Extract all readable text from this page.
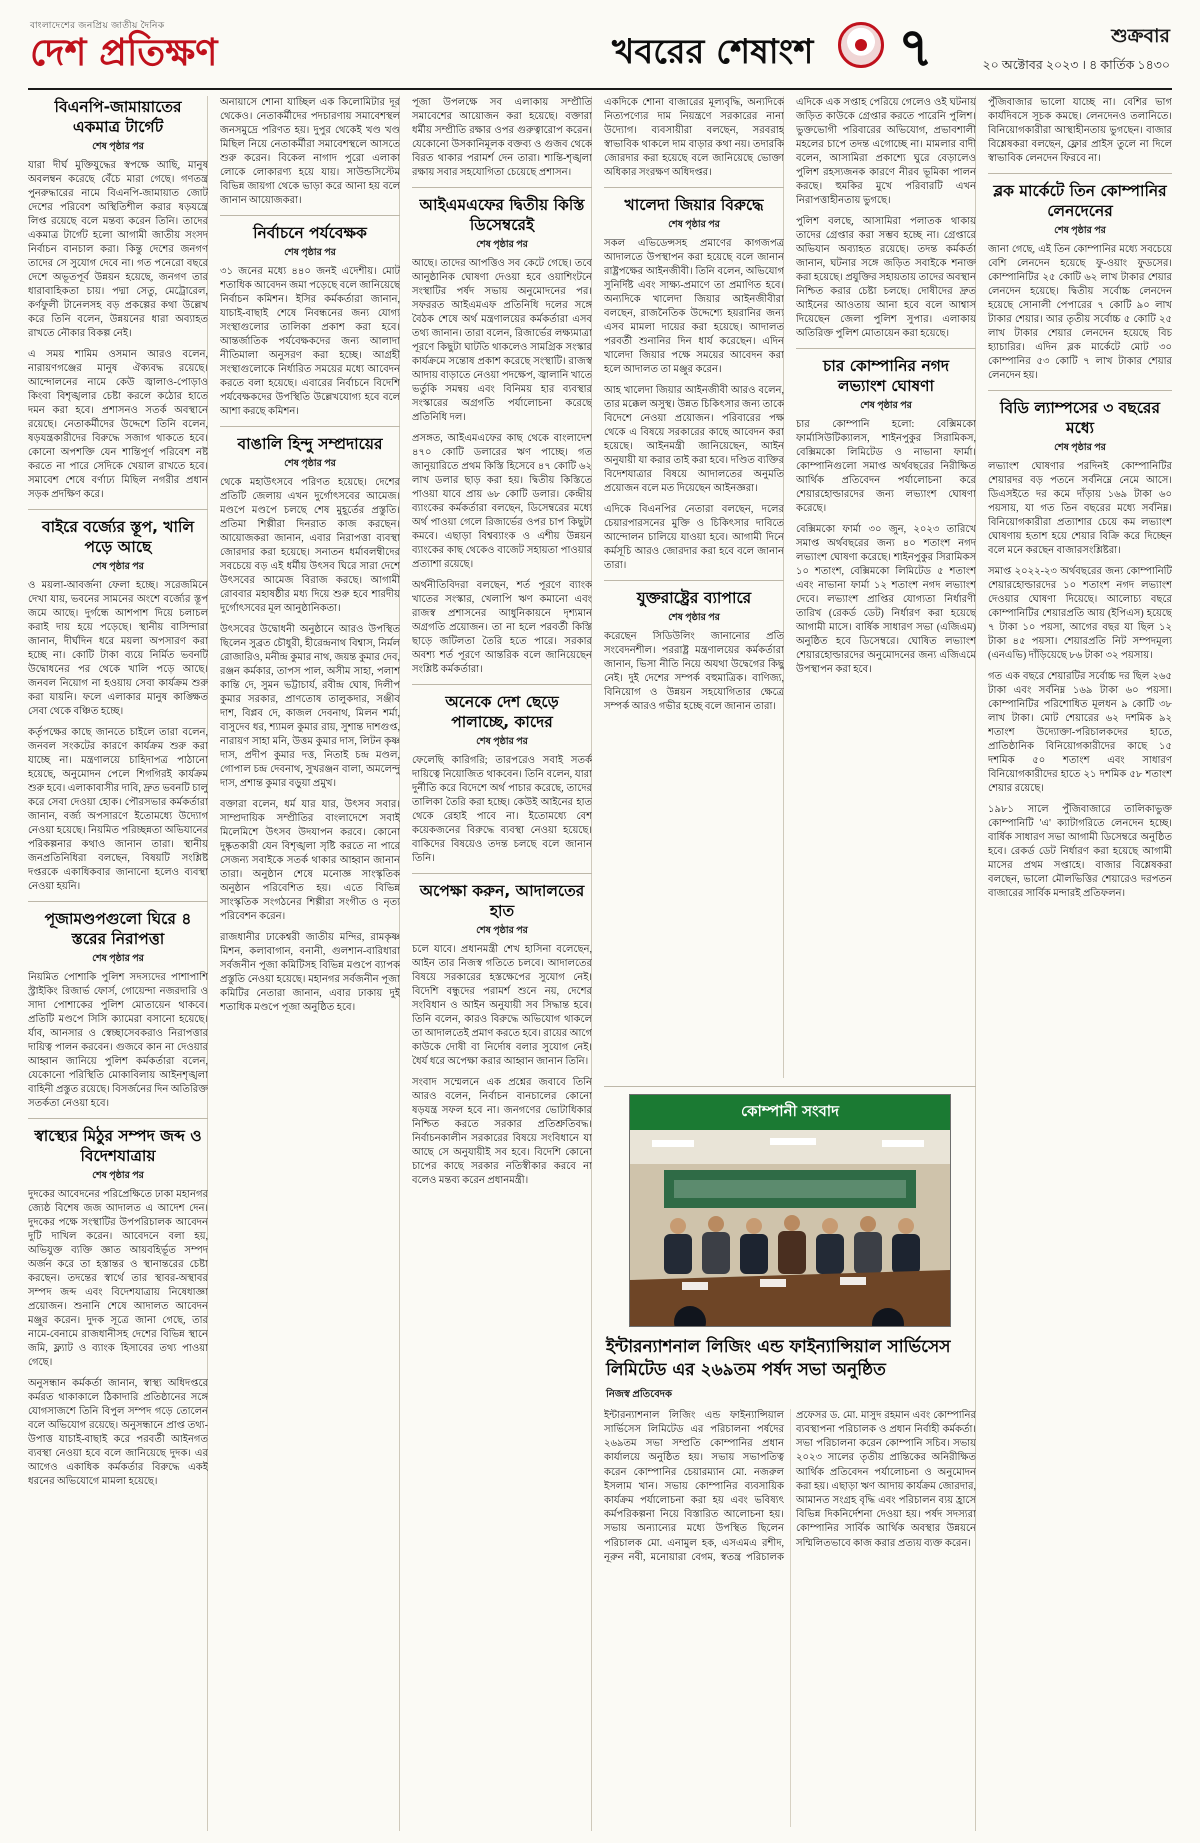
বাংলাদেশের জনপ্রিয় জাতীয় দৈনিক
দেশ প্রতিক্ষণ	খবরের শেষাংশ ৭	শুক্রবার
২০ অক্টোবর ২০২৩ । ৪ কার্তিক ১৪৩০
বিএনপি-জামায়াতের একমাত্র টার্গেট
শেষ পৃষ্ঠার পর

যারা দীর্ঘ মুক্তিযুদ্ধের স্বপক্ষে আছি, মানুষ অবলম্বন করেছে বেঁচে মারা গেছে। গণতন্ত্র পুনরুদ্ধারের নামে বিএনপি-জামায়াত জোট দেশের পরিবেশ অস্থিতিশীল করার ষড়যন্ত্রে লিপ্ত রয়েছে বলে মন্তব্য করেন তিনি। তাদের একমাত্র টার্গেট হলো আগামী জাতীয় সংসদ নির্বাচন বানচাল করা। কিন্তু দেশের জনগণ তাদের সে সুযোগ দেবে না। গত পনেরো বছরে দেশে অভূতপূর্ব উন্নয়ন হয়েছে, জনগণ তার ধারাবাহিকতা চায়। পদ্মা সেতু, মেট্রোরেল, কর্ণফুলী টানেলসহ বড় প্রকল্পের কথা উল্লেখ করে তিনি বলেন, উন্নয়নের ধারা অব্যাহত রাখতে নৌকার বিকল্প নেই।

এ সময় শামিম ওসমান আরও বলেন, নারায়ণগঞ্জের মানুষ ঐক্যবদ্ধ রয়েছে। আন্দোলনের নামে কেউ জ্বালাও-পোড়াও কিংবা বিশৃঙ্খলার চেষ্টা করলে কঠোর হাতে দমন করা হবে। প্রশাসনও সতর্ক অবস্থানে রয়েছে। নেতাকর্মীদের উদ্দেশে তিনি বলেন, ষড়যন্ত্রকারীদের বিরুদ্ধে সজাগ থাকতে হবে। কোনো অপশক্তি যেন শান্তিপূর্ণ পরিবেশ নষ্ট করতে না পারে সেদিকে খেয়াল রাখতে হবে। সমাবেশ শেষে বর্ণাঢ্য মিছিল নগরীর প্রধান সড়ক প্রদক্ষিণ করে।

বাইরে বর্জ্যের স্তূপ, খালি পড়ে আছে
শেষ পৃষ্ঠার পর

ও ময়লা-আবর্জনা ফেলা হচ্ছে। সরেজমিনে দেখা যায়, ভবনের সামনের অংশে বর্জ্যের স্তূপ জমে আছে। দুর্গন্ধে আশপাশ দিয়ে চলাচল করাই দায় হয়ে পড়েছে। স্থানীয় বাসিন্দারা জানান, দীর্ঘদিন ধরে ময়লা অপসারণ করা হচ্ছে না। কোটি টাকা ব্যয়ে নির্মিত ভবনটি উদ্বোধনের পর থেকে খালি পড়ে আছে। জনবল নিয়োগ না হওয়ায় সেবা কার্যক্রম শুরু করা যায়নি। ফলে এলাকার মানুষ কাঙ্ক্ষিত সেবা থেকে বঞ্চিত হচ্ছে।

কর্তৃপক্ষের কাছে জানতে চাইলে তারা বলেন, জনবল সংকটের কারণে কার্যক্রম শুরু করা যাচ্ছে না। মন্ত্রণালয়ে চাহিদাপত্র পাঠানো হয়েছে, অনুমোদন পেলে শিগগিরই কার্যক্রম শুরু হবে। এলাকাবাসীর দাবি, দ্রুত ভবনটি চালু করে সেবা দেওয়া হোক। পৌরসভার কর্মকর্তারা জানান, বর্জ্য অপসারণে ইতোমধ্যে উদ্যোগ নেওয়া হয়েছে। নিয়মিত পরিচ্ছন্নতা অভিযানের পরিকল্পনার কথাও জানান তারা। স্থানীয় জনপ্রতিনিধিরা বলছেন, বিষয়টি সংশ্লিষ্ট দপ্তরকে একাধিকবার জানানো হলেও ব্যবস্থা নেওয়া হয়নি।

পূজামণ্ডপগুলো ঘিরে ৪ স্তরের নিরাপত্তা
শেষ পৃষ্ঠার পর

নিয়মিত পোশাকি পুলিশ সদস্যদের পাশাপাশি স্ট্রাইকিং রিজার্ভ ফোর্স, গোয়েন্দা নজরদারি ও সাদা পোশাকের পুলিশ মোতায়েন থাকবে। প্রতিটি মণ্ডপে সিসি ক্যামেরা বসানো হয়েছে। র্যাব, আনসার ও স্বেচ্ছাসেবকরাও নিরাপত্তার দায়িত্ব পালন করবেন। গুজবে কান না দেওয়ার আহ্বান জানিয়ে পুলিশ কর্মকর্তারা বলেন, যেকোনো পরিস্থিতি মোকাবিলায় আইনশৃঙ্খলা বাহিনী প্রস্তুত রয়েছে। বিসর্জনের দিন অতিরিক্ত সতর্কতা নেওয়া হবে।

স্বাস্থ্যের মিঠুর সম্পদ জব্দ ও বিদেশযাত্রায়
শেষ পৃষ্ঠার পর

দুদকের আবেদনের পরিপ্রেক্ষিতে ঢাকা মহানগর জ্যেষ্ঠ বিশেষ জজ আদালত এ আদেশ দেন। দুদকের পক্ষে সংস্থাটির উপপরিচালক আবেদন দুটি দাখিল করেন। আবেদনে বলা হয়, অভিযুক্ত ব্যক্তি জ্ঞাত আয়বহির্ভূত সম্পদ অর্জন করে তা হস্তান্তর ও স্থানান্তরের চেষ্টা করছেন। তদন্তের স্বার্থে তার স্থাবর-অস্থাবর সম্পদ জব্দ এবং বিদেশযাত্রায় নিষেধাজ্ঞা প্রয়োজন। শুনানি শেষে আদালত আবেদন মঞ্জুর করেন। দুদক সূত্রে জানা গেছে, তার নামে-বেনামে রাজধানীসহ দেশের বিভিন্ন স্থানে জমি, ফ্ল্যাট ও ব্যাংক হিসাবের তথ্য পাওয়া গেছে।

অনুসন্ধান কর্মকর্তা জানান, স্বাস্থ্য অধিদপ্তরে কর্মরত থাকাকালে ঠিকাদারি প্রতিষ্ঠানের সঙ্গে যোগসাজশে তিনি বিপুল সম্পদ গড়ে তোলেন বলে অভিযোগ রয়েছে। অনুসন্ধানে প্রাপ্ত তথ্য-উপাত্ত যাচাই-বাছাই করে পরবর্তী আইনগত ব্যবস্থা নেওয়া হবে বলে জানিয়েছে দুদক। এর আগেও একাধিক কর্মকর্তার বিরুদ্ধে একই ধরনের অভিযোগে মামলা হয়েছে।

অনায়াসে শোনা যাচ্ছিল এক কিলোমিটার দূর থেকেও। নেতাকর্মীদের পদচারণায় সমাবেশস্থল জনসমুদ্রে পরিণত হয়। দুপুর থেকেই খণ্ড খণ্ড মিছিল নিয়ে নেতাকর্মীরা সমাবেশস্থলে আসতে শুরু করেন। বিকেল নাগাদ পুরো এলাকা লোকে লোকারণ্য হয়ে যায়। সাউন্ডসিস্টেম বিভিন্ন জায়গা থেকে ভাড়া করে আনা হয় বলে জানান আয়োজকরা।

নির্বাচনে পর্যবেক্ষক
শেষ পৃষ্ঠার পর

৩১ জনের মধ্যে ৪৪০ জনই এদেশীয়। মোট শতাধিক আবেদন জমা পড়েছে বলে জানিয়েছে নির্বাচন কমিশন। ইসির কর্মকর্তারা জানান, যাচাই-বাছাই শেষে নিবন্ধনের জন্য যোগ্য সংস্থাগুলোর তালিকা প্রকাশ করা হবে। আন্তর্জাতিক পর্যবেক্ষকদের জন্য আলাদা নীতিমালা অনুসরণ করা হচ্ছে। আগ্রহী সংস্থাগুলোকে নির্ধারিত সময়ের মধ্যে আবেদন করতে বলা হয়েছে। এবারের নির্বাচনে বিদেশি পর্যবেক্ষকদের উপস্থিতি উল্লেখযোগ্য হবে বলে আশা করছে কমিশন।

বাঙালি হিন্দু সম্প্রদায়ের
শেষ পৃষ্ঠার পর

থেকে মহাউৎসবে পরিণত হয়েছে। দেশের প্রতিটি জেলায় এখন দুর্গোৎসবের আমেজ। মণ্ডপে মণ্ডপে চলছে শেষ মুহূর্তের প্রস্তুতি। প্রতিমা শিল্পীরা দিনরাত কাজ করছেন। আয়োজকরা জানান, এবার নিরাপত্তা ব্যবস্থা জোরদার করা হয়েছে। সনাতন ধর্মাবলম্বীদের সবচেয়ে বড় এই ধর্মীয় উৎসব ঘিরে সারা দেশে উৎসবের আমেজ বিরাজ করছে। আগামী রোববার মহাষষ্ঠীর মধ্য দিয়ে শুরু হবে শারদীয় দুর্গোৎসবের মূল আনুষ্ঠানিকতা।

উৎসবের উদ্বোধনী অনুষ্ঠানে আরও উপস্থিত ছিলেন সুব্রত চৌধুরী, হীরেন্দ্রনাথ বিশ্বাস, নির্মল রোজারিও, মনীন্দ্র কুমার নাথ, জয়ন্ত কুমার দেব, রঞ্জন কর্মকার, তাপস পাল, অসীম সাহা, পলাশ কান্তি দে, সুমন ভট্টাচার্য, রবীন্দ্র ঘোষ, দিলীপ কুমার সরকার, প্রাণতোষ তালুকদার, সঞ্জীব দাশ, বিপ্লব দে, কাজল দেবনাথ, মিলন শর্মা, বাসুদেব ধর, শ্যামল কুমার রায়, সুশান্ত দাশগুপ্ত, নারায়ণ সাহা মনি, উত্তম কুমার দাস, লিটন কৃষ্ণ দাস, প্রদীপ কুমার দত্ত, নিতাই চন্দ্র মণ্ডল, গোপাল চন্দ্র দেবনাথ, সুখরঞ্জন বালা, অমলেন্দু দাস, প্রশান্ত কুমার বড়ুয়া প্রমুখ।

বক্তারা বলেন, ধর্ম যার যার, উৎসব সবার। সাম্প্রদায়িক সম্প্রীতির বাংলাদেশে সবাই মিলেমিশে উৎসব উদযাপন করবে। কোনো দুষ্কৃতকারী যেন বিশৃঙ্খলা সৃষ্টি করতে না পারে সেজন্য সবাইকে সতর্ক থাকার আহ্বান জানান তারা। অনুষ্ঠান শেষে মনোজ্ঞ সাংস্কৃতিক অনুষ্ঠান পরিবেশিত হয়। এতে বিভিন্ন সাংস্কৃতিক সংগঠনের শিল্পীরা সংগীত ও নৃত্য পরিবেশন করেন।

রাজধানীর ঢাকেশ্বরী জাতীয় মন্দির, রামকৃষ্ণ মিশন, কলাবাগান, বনানী, গুলশান-বারিধারা সর্বজনীন পূজা কমিটিসহ বিভিন্ন মণ্ডপে ব্যাপক প্রস্তুতি নেওয়া হয়েছে। মহানগর সর্বজনীন পূজা কমিটির নেতারা জানান, এবার ঢাকায় দুই শতাধিক মণ্ডপে পূজা অনুষ্ঠিত হবে।

পূজা উপলক্ষে সব এলাকায় সম্প্রীতি সমাবেশের আয়োজন করা হয়েছে। বক্তারা ধর্মীয় সম্প্রীতি রক্ষার ওপর গুরুত্বারোপ করেন। যেকোনো উসকানিমূলক বক্তব্য ও গুজব থেকে বিরত থাকার পরামর্শ দেন তারা। শান্তি-শৃঙ্খলা রক্ষায় সবার সহযোগিতা চেয়েছে প্রশাসন।

আইএমএফের দ্বিতীয় কিস্তি ডিসেম্বরেই
শেষ পৃষ্ঠার পর

আছে। তাদের আপত্তিও সব কেটে গেছে। তবে আনুষ্ঠানিক ঘোষণা দেওয়া হবে ওয়াশিংটনে সংস্থাটির পর্ষদ সভায় অনুমোদনের পর। সফররত আইএমএফ প্রতিনিধি দলের সঙ্গে বৈঠক শেষে অর্থ মন্ত্রণালয়ের কর্মকর্তারা এসব তথ্য জানান। তারা বলেন, রিজার্ভের লক্ষ্যমাত্রা পূরণে কিছুটা ঘাটতি থাকলেও সামগ্রিক সংস্কার কার্যক্রমে সন্তোষ প্রকাশ করেছে সংস্থাটি। রাজস্ব আদায় বাড়াতে নেওয়া পদক্ষেপ, জ্বালানি খাতে ভর্তুকি সমন্বয় এবং বিনিময় হার ব্যবস্থার সংস্কারের অগ্রগতি পর্যালোচনা করেছে প্রতিনিধি দল।

প্রসঙ্গত, আইএমএফের কাছ থেকে বাংলাদেশ ৪৭০ কোটি ডলারের ঋণ পাচ্ছে। গত জানুয়ারিতে প্রথম কিস্তি হিসেবে ৪৭ কোটি ৬২ লাখ ডলার ছাড় করা হয়। দ্বিতীয় কিস্তিতে পাওয়া যাবে প্রায় ৬৮ কোটি ডলার। কেন্দ্রীয় ব্যাংকের কর্মকর্তারা বলছেন, ডিসেম্বরের মধ্যে অর্থ পাওয়া গেলে রিজার্ভের ওপর চাপ কিছুটা কমবে। এছাড়া বিশ্বব্যাংক ও এশীয় উন্নয়ন ব্যাংকের কাছ থেকেও বাজেট সহায়তা পাওয়ার প্রত্যাশা রয়েছে।

অর্থনীতিবিদরা বলছেন, শর্ত পূরণে ব্যাংক খাতের সংস্কার, খেলাপি ঋণ কমানো এবং রাজস্ব প্রশাসনের আধুনিকায়নে দৃশ্যমান অগ্রগতি প্রয়োজন। তা না হলে পরবর্তী কিস্তি ছাড়ে জটিলতা তৈরি হতে পারে। সরকার অবশ্য শর্ত পূরণে আন্তরিক বলে জানিয়েছেন সংশ্লিষ্ট কর্মকর্তারা।

অনেকে দেশ ছেড়ে পালাচ্ছে, কাদের
শেষ পৃষ্ঠার পর

ফেলেছি কারিগরি; তারপরেও সবাই সতর্ক দায়িত্বে নিয়োজিত থাকবেন। তিনি বলেন, যারা দুর্নীতি করে বিদেশে অর্থ পাচার করেছে, তাদের তালিকা তৈরি করা হচ্ছে। কেউই আইনের হাত থেকে রেহাই পাবে না। ইতোমধ্যে বেশ কয়েকজনের বিরুদ্ধে ব্যবস্থা নেওয়া হয়েছে। বাকিদের বিষয়েও তদন্ত চলছে বলে জানান তিনি।

অপেক্ষা করুন, আদালতের হাত
শেষ পৃষ্ঠার পর

চলে যাবে। প্রধানমন্ত্রী শেখ হাসিনা বলেছেন, আইন তার নিজস্ব গতিতে চলবে। আদালতের বিষয়ে সরকারের হস্তক্ষেপের সুযোগ নেই। বিদেশি বন্ধুদের পরামর্শ শুনে নয়, দেশের সংবিধান ও আইন অনুযায়ী সব সিদ্ধান্ত হবে। তিনি বলেন, কারও বিরুদ্ধে অভিযোগ থাকলে তা আদালতেই প্রমাণ করতে হবে। রায়ের আগে কাউকে দোষী বা নির্দোষ বলার সুযোগ নেই। ধৈর্য ধরে অপেক্ষা করার আহ্বান জানান তিনি।

সংবাদ সম্মেলনে এক প্রশ্নের জবাবে তিনি আরও বলেন, নির্বাচন বানচালের কোনো ষড়যন্ত্র সফল হবে না। জনগণের ভোটাধিকার নিশ্চিত করতে সরকার প্রতিশ্রুতিবদ্ধ। নির্বাচনকালীন সরকারের বিষয়ে সংবিধানে যা আছে সে অনুযায়ীই সব হবে। বিদেশি কোনো চাপের কাছে সরকার নতিস্বীকার করবে না বলেও মন্তব্য করেন প্রধানমন্ত্রী।

একদিকে শোনা বাজারের মূল্যবৃদ্ধি, অন্যদিকে নিত্যপণ্যের দাম নিয়ন্ত্রণে সরকারের নানা উদ্যোগ। ব্যবসায়ীরা বলছেন, সরবরাহ স্বাভাবিক থাকলে দাম বাড়ার কথা নয়। তদারকি জোরদার করা হয়েছে বলে জানিয়েছে ভোক্তা অধিকার সংরক্ষণ অধিদপ্তর।

খালেদা জিয়ার বিরুদ্ধে
শেষ পৃষ্ঠার পর

সকল এভিডেন্সসহ প্রমাণের কাগজপত্র আদালতে উপস্থাপন করা হয়েছে বলে জানান রাষ্ট্রপক্ষের আইনজীবী। তিনি বলেন, অভিযোগ সুনির্দিষ্ট এবং সাক্ষ্য-প্রমাণে তা প্রমাণিত হবে। অন্যদিকে খালেদা জিয়ার আইনজীবীরা বলছেন, রাজনৈতিক উদ্দেশ্যে হয়রানির জন্য এসব মামলা দায়ের করা হয়েছে। আদালত পরবর্তী শুনানির দিন ধার্য করেছেন। এদিন খালেদা জিয়ার পক্ষে সময়ের আবেদন করা হলে আদালত তা মঞ্জুর করেন।

আহ খালেদা জিয়ার আইনজীবী আরও বলেন, তার মক্কেল অসুস্থ। উন্নত চিকিৎসার জন্য তাকে বিদেশে নেওয়া প্রয়োজন। পরিবারের পক্ষ থেকে এ বিষয়ে সরকারের কাছে আবেদন করা হয়েছে। আইনমন্ত্রী জানিয়েছেন, আইন অনুযায়ী যা করার তাই করা হবে। দণ্ডিত ব্যক্তির বিদেশযাত্রার বিষয়ে আদালতের অনুমতি প্রয়োজন বলে মত দিয়েছেন আইনজ্ঞরা।

এদিকে বিএনপির নেতারা বলছেন, দলের চেয়ারপারসনের মুক্তি ও চিকিৎসার দাবিতে আন্দোলন চালিয়ে যাওয়া হবে। আগামী দিনে কর্মসূচি আরও জোরদার করা হবে বলে জানান তারা।

যুক্তরাষ্ট্রের ব্যাপারে
শেষ পৃষ্ঠার পর

করেছেন সিডিউলিং জানানোর প্রতি সংবেদনশীল। পররাষ্ট্র মন্ত্রণালয়ের কর্মকর্তারা জানান, ভিসা নীতি নিয়ে অযথা উদ্বেগের কিছু নেই। দুই দেশের সম্পর্ক বহুমাত্রিক। বাণিজ্য, বিনিয়োগ ও উন্নয়ন সহযোগিতার ক্ষেত্রে সম্পর্ক আরও গভীর হচ্ছে বলে জানান তারা।

এদিকে এক সপ্তাহ পেরিয়ে গেলেও ওই ঘটনায় জড়িত কাউকে গ্রেপ্তার করতে পারেনি পুলিশ। ভুক্তভোগী পরিবারের অভিযোগ, প্রভাবশালী মহলের চাপে তদন্ত এগোচ্ছে না। মামলার বাদী বলেন, আসামিরা প্রকাশ্যে ঘুরে বেড়ালেও পুলিশ রহস্যজনক কারণে নীরব ভূমিকা পালন করছে। হুমকির মুখে পরিবারটি এখন নিরাপত্তাহীনতায় ভুগছে।

পুলিশ বলছে, আসামিরা পলাতক থাকায় তাদের গ্রেপ্তার করা সম্ভব হচ্ছে না। গ্রেপ্তারে অভিযান অব্যাহত রয়েছে। তদন্ত কর্মকর্তা জানান, ঘটনার সঙ্গে জড়িত সবাইকে শনাক্ত করা হয়েছে। প্রযুক্তির সহায়তায় তাদের অবস্থান নিশ্চিত করার চেষ্টা চলছে। দোষীদের দ্রুত আইনের আওতায় আনা হবে বলে আশ্বাস দিয়েছেন জেলা পুলিশ সুপার। এলাকায় অতিরিক্ত পুলিশ মোতায়েন করা হয়েছে।

চার কোম্পানির নগদ লভ্যাংশ ঘোষণা
শেষ পৃষ্ঠার পর

চার কোম্পানি হলো: বেক্সিমকো ফার্মাসিউটিক্যালস, শাইনপুকুর সিরামিকস, বেক্সিমকো লিমিটেড ও নাভানা ফার্মা। কোম্পানিগুলো সমাপ্ত অর্থবছরের নিরীক্ষিত আর্থিক প্রতিবেদন পর্যালোচনা করে শেয়ারহোল্ডারদের জন্য লভ্যাংশ ঘোষণা করেছে।

বেক্সিমকো ফার্মা ৩০ জুন, ২০২৩ তারিখে সমাপ্ত অর্থবছরের জন্য ৪০ শতাংশ নগদ লভ্যাংশ ঘোষণা করেছে। শাইনপুকুর সিরামিকস ১০ শতাংশ, বেক্সিমকো লিমিটেড ৫ শতাংশ এবং নাভানা ফার্মা ১২ শতাংশ নগদ লভ্যাংশ দেবে। লভ্যাংশ প্রাপ্তির যোগ্যতা নির্ধারণী তারিখ (রেকর্ড ডেট) নির্ধারণ করা হয়েছে আগামী মাসে। বার্ষিক সাধারণ সভা (এজিএম) অনুষ্ঠিত হবে ডিসেম্বরে। ঘোষিত লভ্যাংশ শেয়ারহোল্ডারদের অনুমোদনের জন্য এজিএমে উপস্থাপন করা হবে।

পুঁজিবাজার ভালো যাচ্ছে না। বেশির ভাগ কার্যদিবসে সূচক কমছে। লেনদেনও তলানিতে। বিনিয়োগকারীরা আস্থাহীনতায় ভুগছেন। বাজার বিশ্লেষকরা বলছেন, ফ্লোর প্রাইস তুলে না দিলে স্বাভাবিক লেনদেন ফিরবে না।

ব্লক মার্কেটে তিন কোম্পানির লেনদেনের
শেষ পৃষ্ঠার পর

জানা গেছে, এই তিন কোম্পানির মধ্যে সবচেয়ে বেশি লেনদেন হয়েছে ফু-ওয়াং ফুডসের। কোম্পানিটির ২৫ কোটি ৬২ লাখ টাকার শেয়ার লেনদেন হয়েছে। দ্বিতীয় সর্বোচ্চ লেনদেন হয়েছে সোনালী পেপারের ৭ কোটি ৯০ লাখ টাকার শেয়ার। আর তৃতীয় সর্বোচ্চ ৫ কোটি ২৫ লাখ টাকার শেয়ার লেনদেন হয়েছে বিচ হ্যাচারির। এদিন ব্লক মার্কেটে মোট ৩০ কোম্পানির ৫৩ কোটি ৭ লাখ টাকার শেয়ার লেনদেন হয়।

বিডি ল্যাম্পসের ৩ বছরের মধ্যে
শেষ পৃষ্ঠার পর

লভ্যাংশ ঘোষণার পরদিনই কোম্পানিটির শেয়ারদর বড় পতনে সর্বনিম্নে নেমে আসে। ডিএসইতে দর কমে দাঁড়ায় ১৬৯ টাকা ৬০ পয়সায়, যা গত তিন বছরের মধ্যে সর্বনিম্ন। বিনিয়োগকারীরা প্রত্যাশার চেয়ে কম লভ্যাংশ ঘোষণায় হতাশ হয়ে শেয়ার বিক্রি করে দিচ্ছেন বলে মনে করছেন বাজারসংশ্লিষ্টরা।

সমাপ্ত ২০২২-২৩ অর্থবছরের জন্য কোম্পানিটি শেয়ারহোল্ডারদের ১০ শতাংশ নগদ লভ্যাংশ দেওয়ার ঘোষণা দিয়েছে। আলোচ্য বছরে কোম্পানিটির শেয়ারপ্রতি আয় (ইপিএস) হয়েছে ৭ টাকা ১০ পয়সা, আগের বছর যা ছিল ১২ টাকা ৪৫ পয়সা। শেয়ারপ্রতি নিট সম্পদমূল্য (এনএভি) দাঁড়িয়েছে ৮৬ টাকা ৩২ পয়সায়।

গত এক বছরে শেয়ারটির সর্বোচ্চ দর ছিল ২৬৫ টাকা এবং সর্বনিম্ন ১৬৯ টাকা ৬০ পয়সা। কোম্পানিটির পরিশোধিত মূলধন ৯ কোটি ৩৮ লাখ টাকা। মোট শেয়ারের ৬২ দশমিক ৯২ শতাংশ উদ্যোক্তা-পরিচালকদের হাতে, প্রাতিষ্ঠানিক বিনিয়োগকারীদের কাছে ১৫ দশমিক ৫০ শতাংশ এবং সাধারণ বিনিয়োগকারীদের হাতে ২১ দশমিক ৫৮ শতাংশ শেয়ার রয়েছে।

১৯৮১ সালে পুঁজিবাজারে তালিকাভুক্ত কোম্পানিটি 'এ' ক্যাটাগরিতে লেনদেন হচ্ছে। বার্ষিক সাধারণ সভা আগামী ডিসেম্বরে অনুষ্ঠিত হবে। রেকর্ড ডেট নির্ধারণ করা হয়েছে আগামী মাসের প্রথম সপ্তাহে। বাজার বিশ্লেষকরা বলছেন, ভালো মৌলভিত্তির শেয়ারেও দরপতন বাজারের সার্বিক মন্দারই প্রতিফলন।

কোম্পানী সংবাদ
ইন্টারন্যাশনাল লিজিং এন্ড ফাইন্যান্সিয়াল সার্ভিসেস লিমিটেড এর ২৬৯তম পর্ষদ সভা অনুষ্ঠিত
নিজস্ব প্রতিবেদক
ইন্টারন্যাশনাল লিজিং এন্ড ফাইন্যান্সিয়াল সার্ভিসেস লিমিটেড এর পরিচালনা পর্ষদের ২৬৯তম সভা সম্প্রতি কোম্পানির প্রধান কার্যালয়ে অনুষ্ঠিত হয়। সভায় সভাপতিত্ব করেন কোম্পানির চেয়ারম্যান মো. নজরুল ইসলাম খান। সভায় কোম্পানির ব্যবসায়িক কার্যক্রম পর্যালোচনা করা হয় এবং ভবিষ্যৎ কর্মপরিকল্পনা নিয়ে বিস্তারিত আলোচনা হয়। সভায় অন্যান্যের মধ্যে উপস্থিত ছিলেন পরিচালক মো. এনামুল হক, এসএমএ রশীদ, নূরুন নবী, মনোয়ারা বেগম, স্বতন্ত্র পরিচালক প্রফেসর ড. মো. মাসুদ রহমান এবং কোম্পানির ব্যবস্থাপনা পরিচালক ও প্রধান নির্বাহী কর্মকর্তা। সভা পরিচালনা করেন কোম্পানি সচিব। সভায় ২০২৩ সালের তৃতীয় প্রান্তিকের অনিরীক্ষিত আর্থিক প্রতিবেদন পর্যালোচনা ও অনুমোদন করা হয়। এছাড়া ঋণ আদায় কার্যক্রম জোরদার, আমানত সংগ্রহ বৃদ্ধি এবং পরিচালন ব্যয় হ্রাসে বিভিন্ন দিকনির্দেশনা দেওয়া হয়। পর্ষদ সদস্যরা কোম্পানির সার্বিক আর্থিক অবস্থার উন্নয়নে সম্মিলিতভাবে কাজ করার প্রত্যয় ব্যক্ত করেন।
